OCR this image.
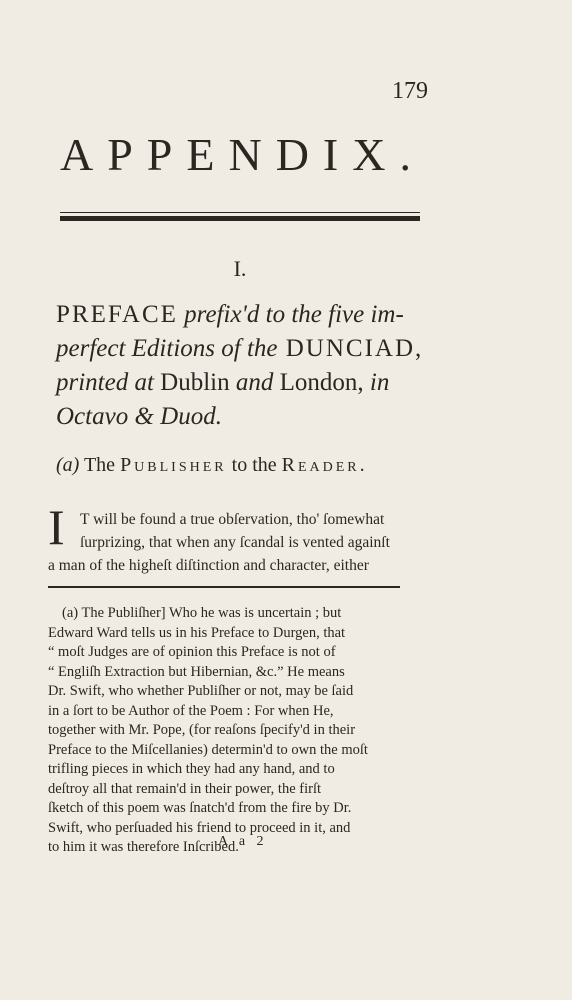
179
APPENDIX.
I.
PREFACE prefix'd to the five im-
perfect Editions of the DUNCIAD,
printed at Dublin and London, in
Octavo & Duod.
(a) The Publisher to the Reader.
I T will be found a true obſervation, tho' ſomewhat
ſurprizing, that when any ſcandal is vented againſt
a man of the higheſt diſtinction and character, either
(a) The Publiſher] Who he was is uncertain ; but
Edward Ward tells us in his Preface to Durgen, that
“ moſt Judges are of opinion this Preface is not of
“ Engliſh Extraction but Hibernian, &c.” He means
Dr. Swift, who whether Publiſher or not, may be ſaid
in a ſort to be Author of the Poem : For when He,
together with Mr. Pope, (for reaſons ſpecify'd in their
Preface to the Miſcellanies) determin'd to own the moſt
trifling pieces in which they had any hand, and to
deſtroy all that remain'd in their power, the firſt
ſketch of this poem was ſnatch'd from the fire by Dr.
Swift, who perſuaded his friend to proceed in it, and
to him it was therefore Inſcribed.
A a 2
